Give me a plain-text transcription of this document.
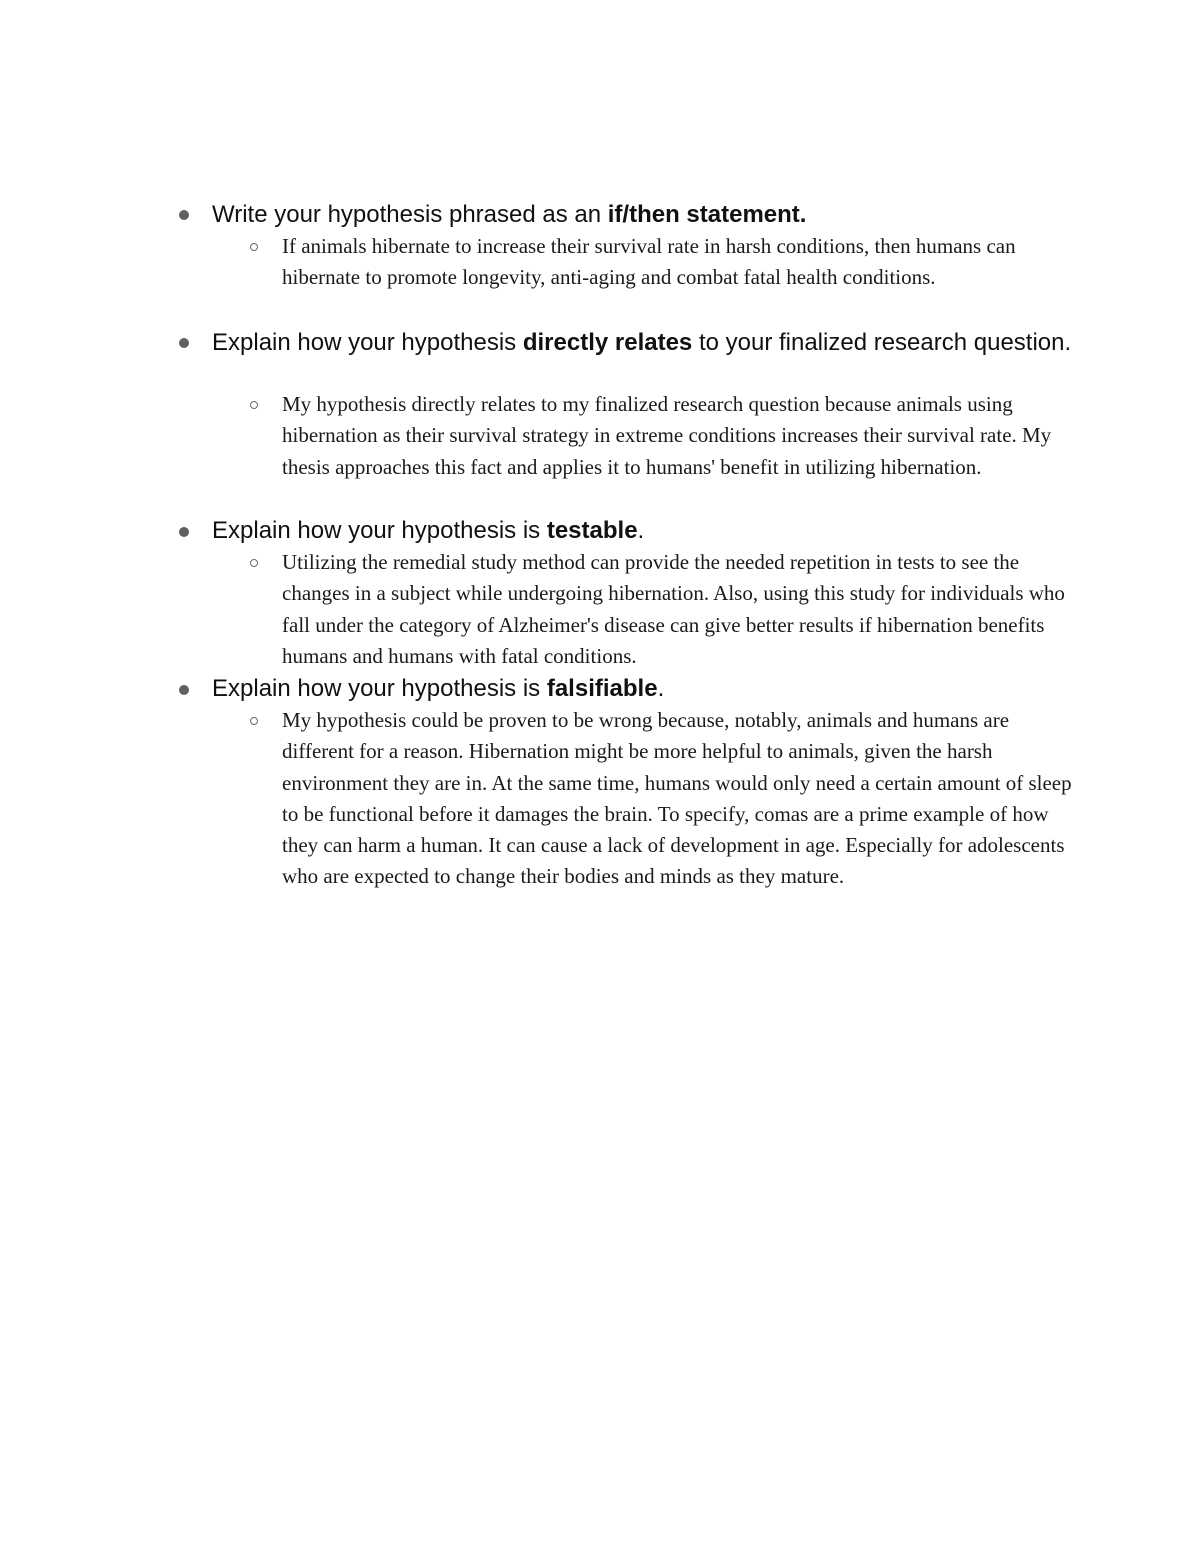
Write your hypothesis phrased as an if/then statement.
If animals hibernate to increase their survival rate in harsh conditions, then humans can hibernate to promote longevity, anti-aging and combat fatal health conditions.
Explain how your hypothesis directly relates to your finalized research question.
My hypothesis directly relates to my finalized research question because animals using hibernation as their survival strategy in extreme conditions increases their survival rate. My thesis approaches this fact and applies it to humans' benefit in utilizing hibernation.
Explain how your hypothesis is testable.
Utilizing the remedial study method can provide the needed repetition in tests to see the changes in a subject while undergoing hibernation. Also, using this study for individuals who fall under the category of Alzheimer's disease can give better results if hibernation benefits humans and humans with fatal conditions.
Explain how your hypothesis is falsifiable.
My hypothesis could be proven to be wrong because, notably, animals and humans are different for a reason. Hibernation might be more helpful to animals, given the harsh environment they are in. At the same time, humans would only need a certain amount of sleep to be functional before it damages the brain. To specify, comas are a prime example of how they can harm a human. It can cause a lack of development in age. Especially for adolescents who are expected to change their bodies and minds as they mature.
